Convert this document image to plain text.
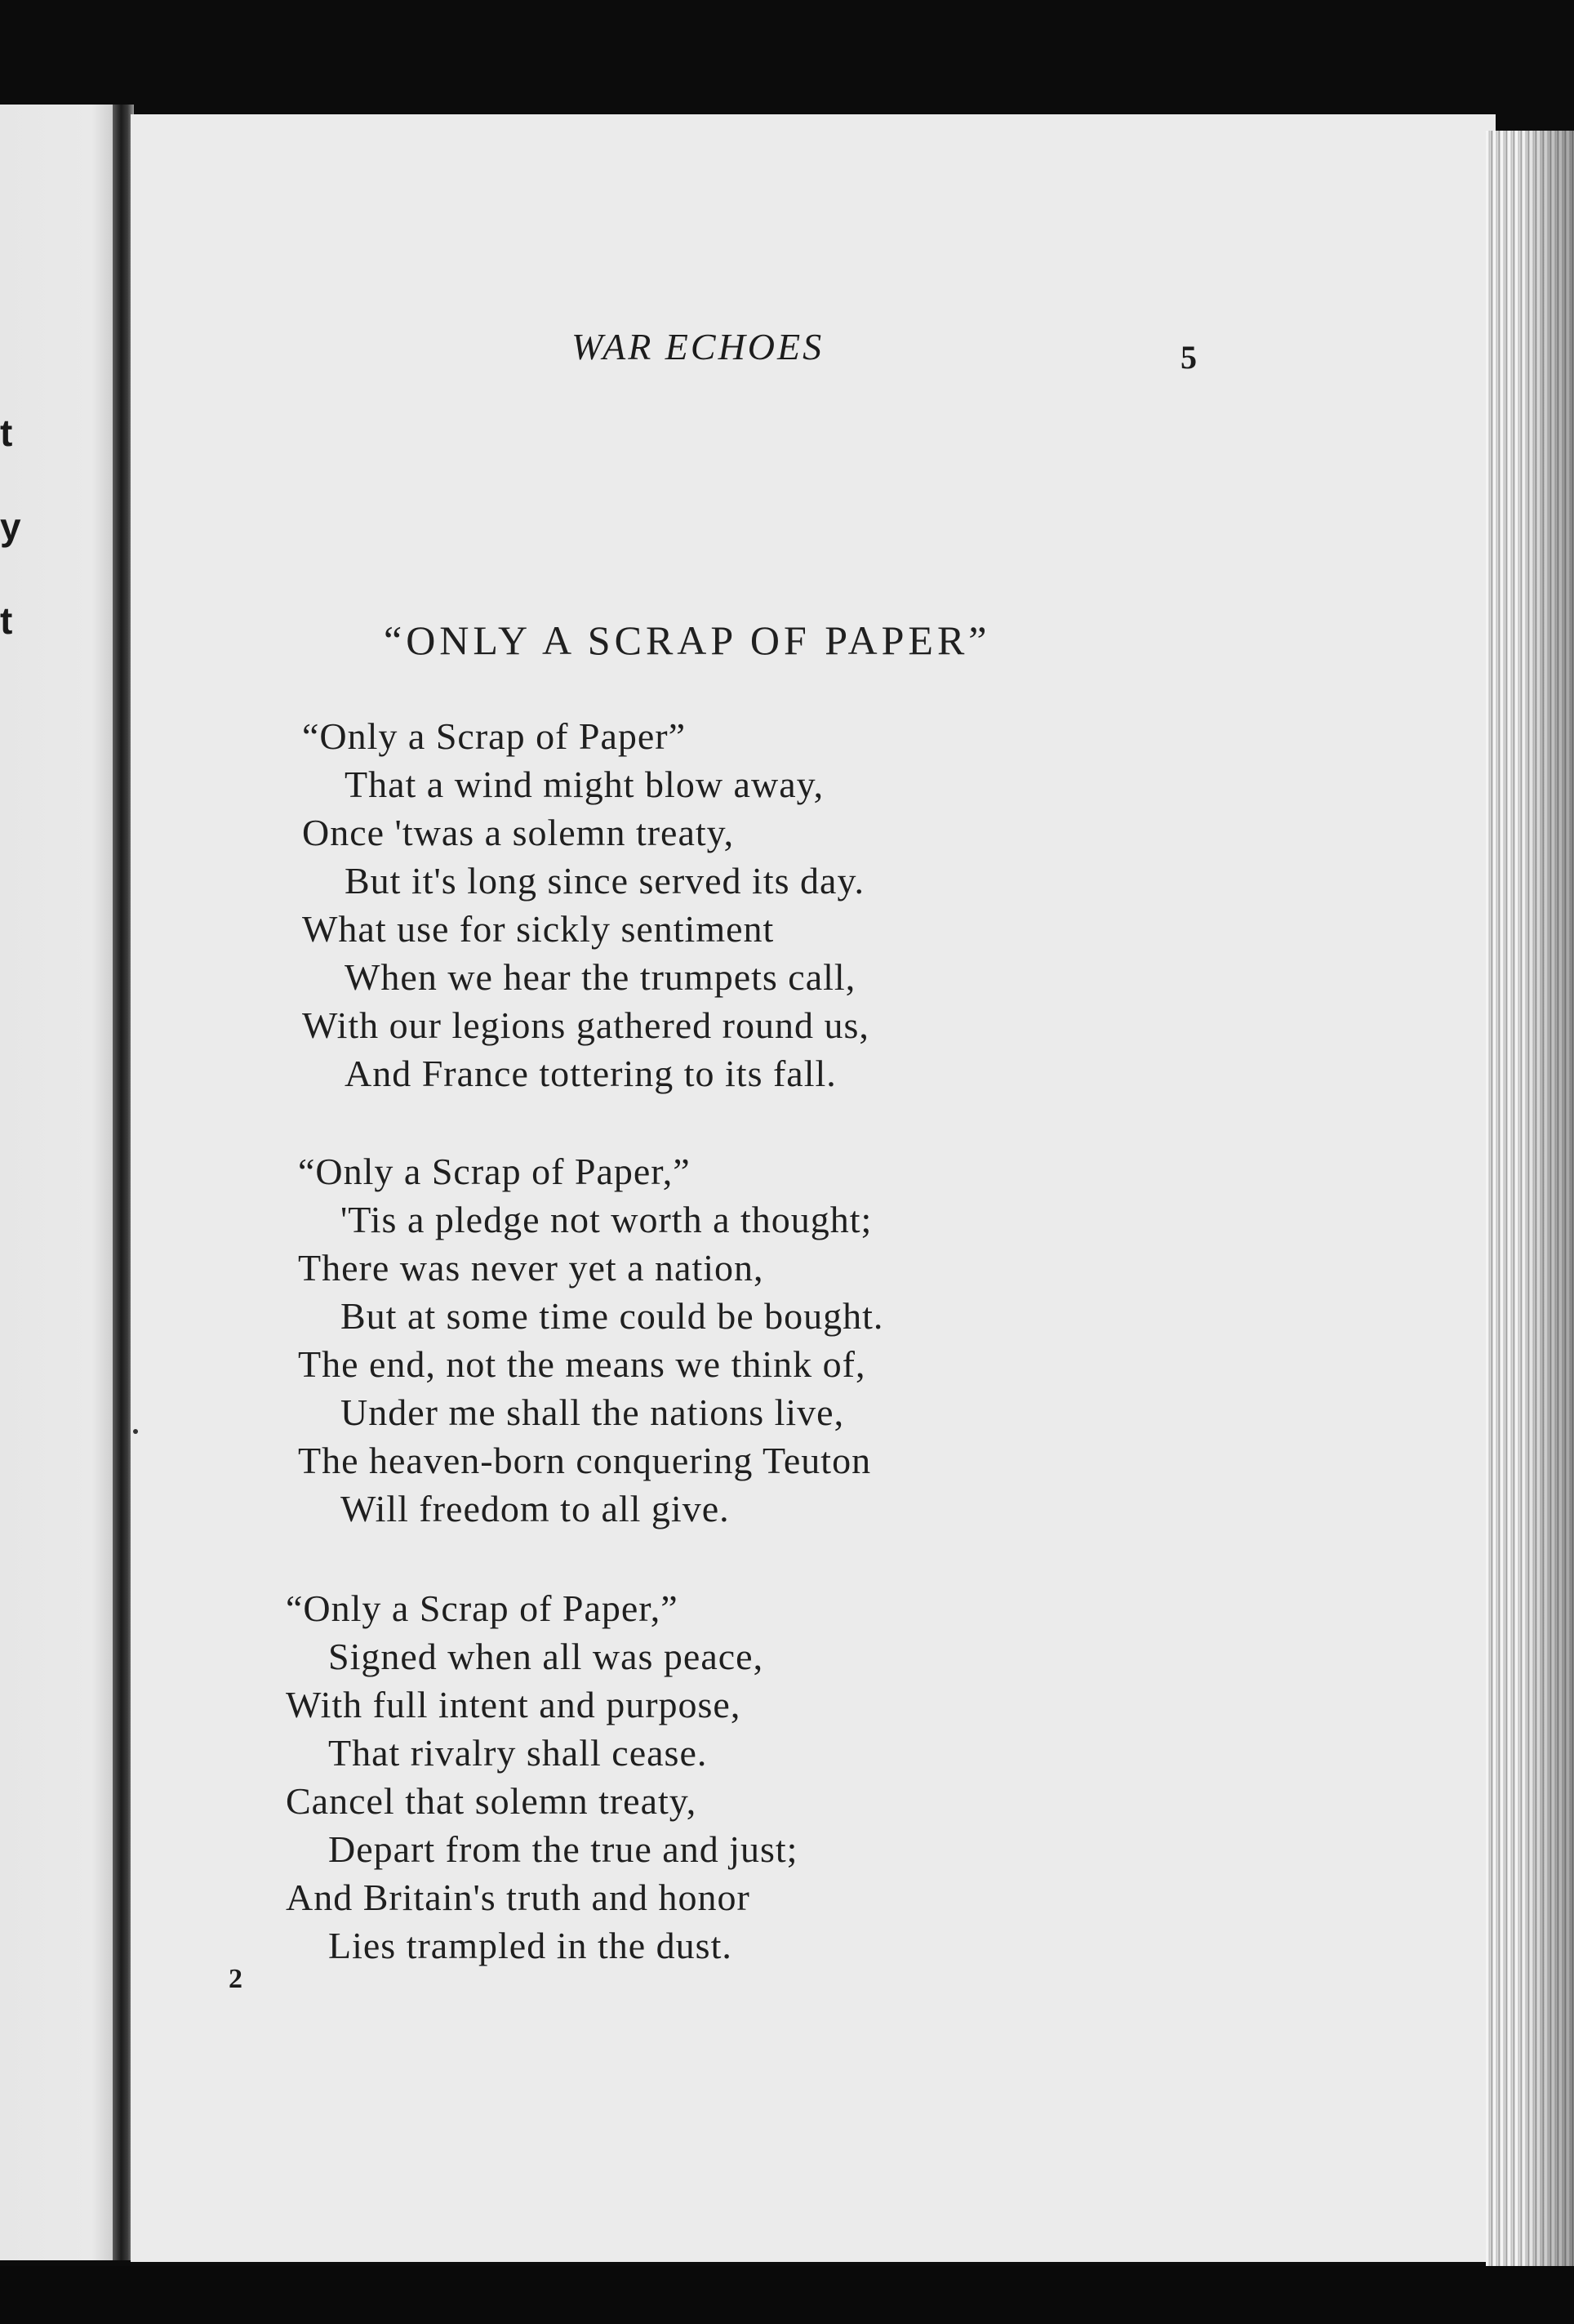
t
y
t
WAR ECHOES	5
“ONLY A SCRAP OF PAPER”
“Only a Scrap of Paper”
That a wind might blow away,
Once 'twas a solemn treaty,
But it's long since served its day.
What use for sickly sentiment
When we hear the trumpets call,
With our legions gathered round us,
And France tottering to its fall.
“Only a Scrap of Paper,”
'Tis a pledge not worth a thought;
There was never yet a nation,
But at some time could be bought.
The end, not the means we think of,
Under me shall the nations live,
The heaven-born conquering Teuton
Will freedom to all give.
“Only a Scrap of Paper,”
Signed when all was peace,
With full intent and purpose,
That rivalry shall cease.
Cancel that solemn treaty,
Depart from the true and just;
And Britain's truth and honor
Lies trampled in the dust.
2
